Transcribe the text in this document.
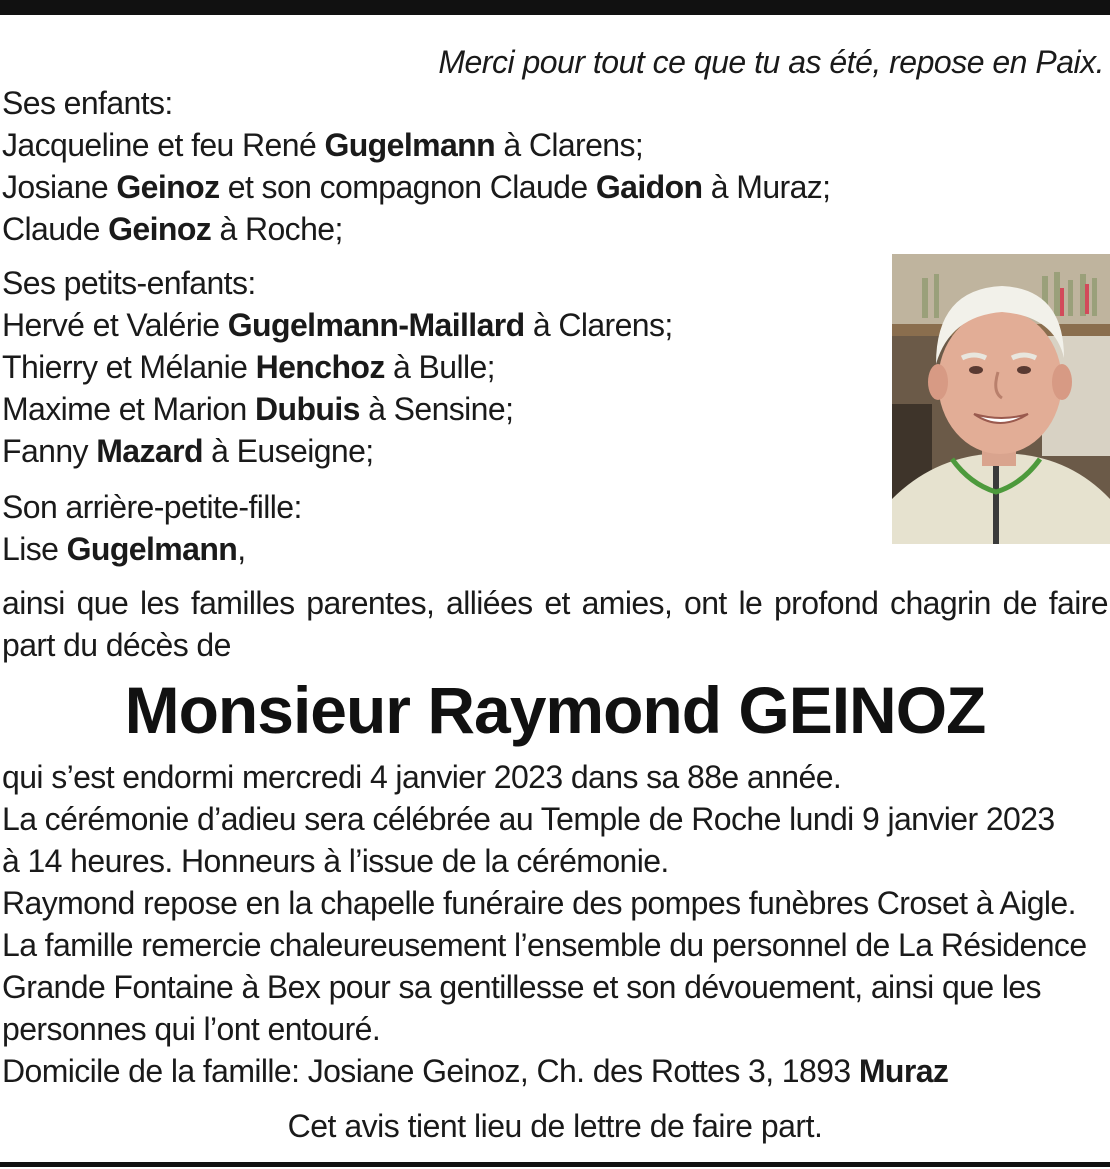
Merci pour tout ce que tu as été, repose en Paix.
Ses enfants:
Jacqueline et feu René Gugelmann à Clarens;
Josiane Geinoz et son compagnon Claude Gaidon à Muraz;
Claude Geinoz à Roche;
Ses petits-enfants:
Hervé et Valérie Gugelmann-Maillard à Clarens;
Thierry et Mélanie Henchoz à Bulle;
Maxime et Marion Dubuis à Sensine;
Fanny Mazard à Euseigne;
Son arrière-petite-fille:
Lise Gugelmann,
ainsi que les familles parentes, alliées et amies, ont le profond chagrin de faire part du décès de
Monsieur Raymond GEINOZ
qui s’est endormi mercredi 4 janvier 2023 dans sa 88e année.
La cérémonie d’adieu sera célébrée au Temple de Roche lundi 9 janvier 2023
à 14 heures. Honneurs à l’issue de la cérémonie.
Raymond repose en la chapelle funéraire des pompes funèbres Croset à Aigle.
La famille remercie chaleureusement l’ensemble du personnel de La Résidence
Grande Fontaine à Bex pour sa gentillesse et son dévouement, ainsi que les
personnes qui l’ont entouré.
Domicile de la famille: Josiane Geinoz, Ch. des Rottes 3, 1893 Muraz
Cet avis tient lieu de lettre de faire part.
